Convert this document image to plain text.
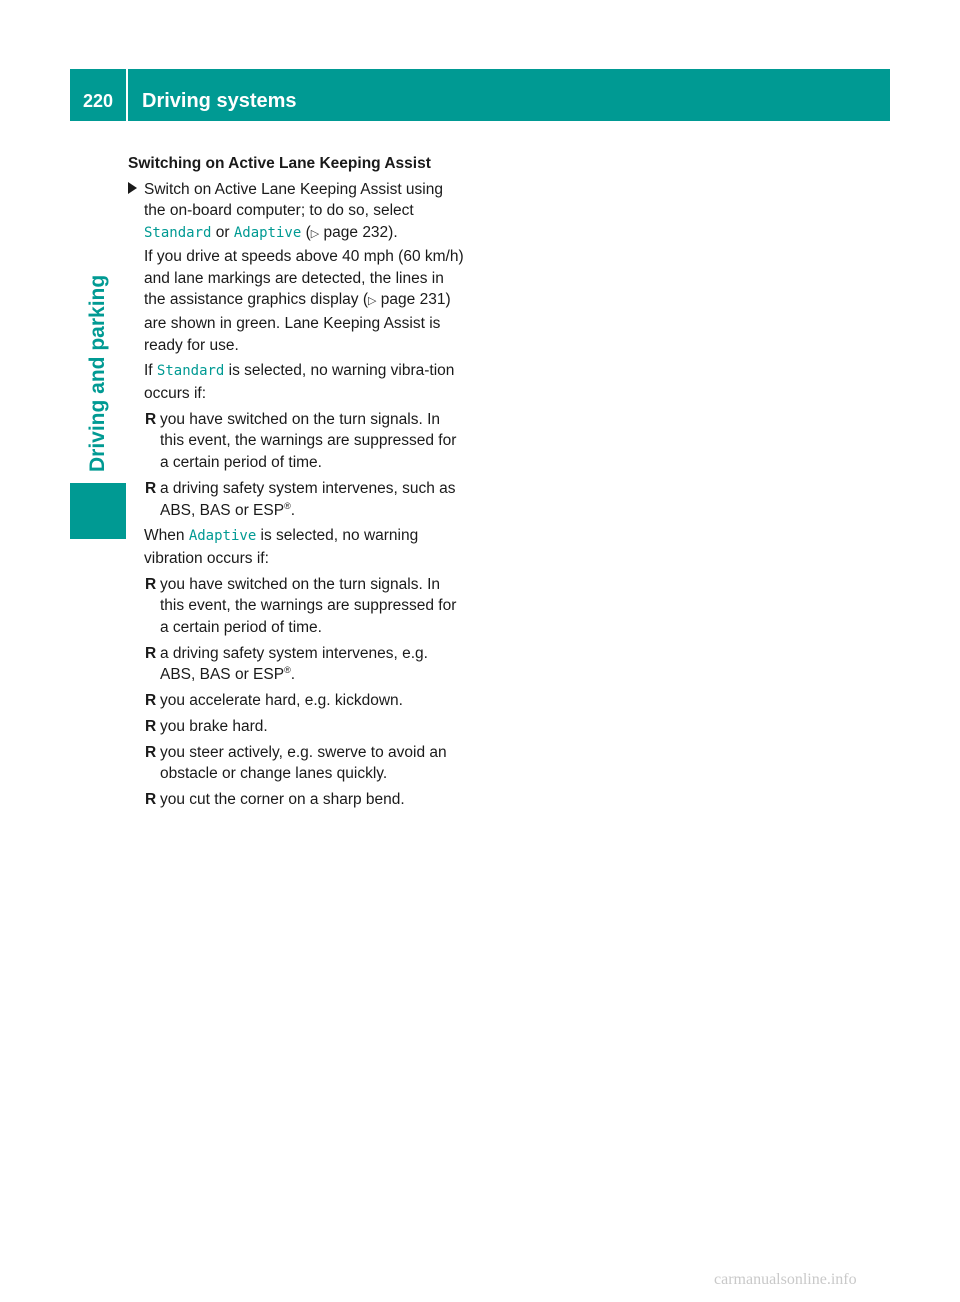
220	Driving systems
Driving and parking
Switching on Active Lane Keeping Assist
Switch on Active Lane Keeping Assist using the on-board computer; to do so, select Standard or Adaptive (▷ page 232).
If you drive at speeds above 40 mph (60 km/h) and lane markings are detected, the lines in the assistance graphics display (▷ page 231) are shown in green. Lane Keeping Assist is ready for use.
If Standard is selected, no warning vibra-tion occurs if:
R you have switched on the turn signals. In this event, the warnings are suppressed for a certain period of time.
R a driving safety system intervenes, such as ABS, BAS or ESP®.
When Adaptive is selected, no warning vibration occurs if:
R you have switched on the turn signals. In this event, the warnings are suppressed for a certain period of time.
R a driving safety system intervenes, e.g. ABS, BAS or ESP®.
R you accelerate hard, e.g. kickdown.
R you brake hard.
R you steer actively, e.g. swerve to avoid an obstacle or change lanes quickly.
R you cut the corner on a sharp bend.
carmanualsonline.info
